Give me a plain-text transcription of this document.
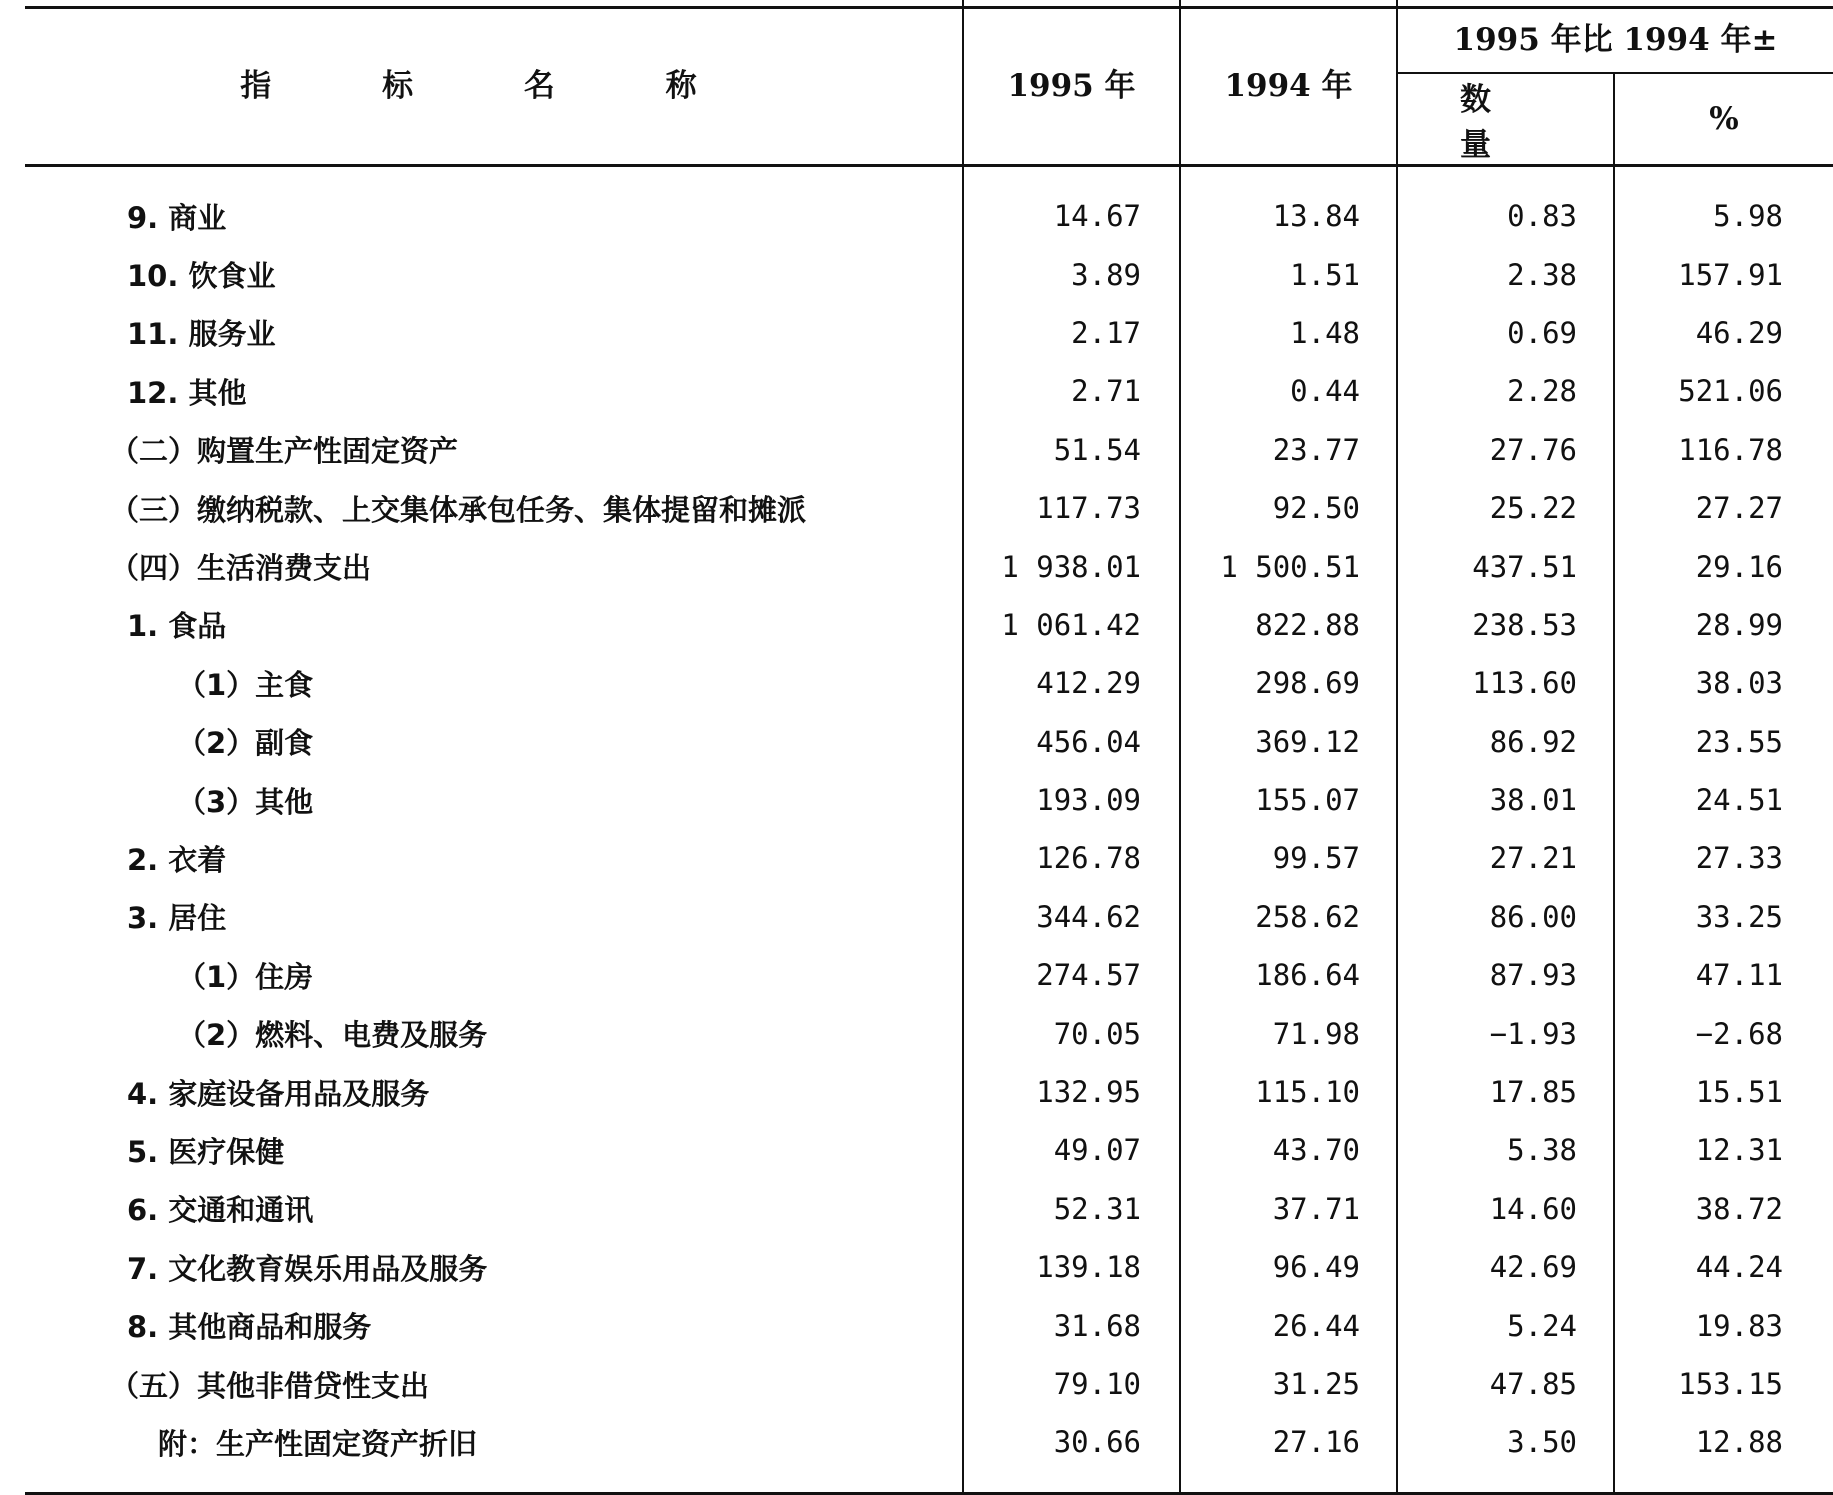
指 标 名 称	1995 年	1994 年	1995 年比 1994 年±	
			数 量	%
9. 商业	14.67	13.84	0.83	5.98
10. 饮食业	3.89	1.51	2.38	157.91
11. 服务业	2.17	1.48	0.69	46.29
12. 其他	2.71	0.44	2.28	521.06
（二）购置生产性固定资产	51.54	23.77	27.76	116.78
（三）缴纳税款、上交集体承包任务、集体提留和摊派	117.73	92.50	25.22	27.27
（四）生活消费支出	1 938.01	1 500.51	437.51	29.16
1. 食品	1 061.42	822.88	238.53	28.99
（1）主食	412.29	298.69	113.60	38.03
（2）副食	456.04	369.12	86.92	23.55
（3）其他	193.09	155.07	38.01	24.51
2. 衣着	126.78	99.57	27.21	27.33
3. 居住	344.62	258.62	86.00	33.25
（1）住房	274.57	186.64	87.93	47.11
（2）燃料、电费及服务	70.05	71.98	−1.93	−2.68
4. 家庭设备用品及服务	132.95	115.10	17.85	15.51
5. 医疗保健	49.07	43.70	5.38	12.31
6. 交通和通讯	52.31	37.71	14.60	38.72
7. 文化教育娱乐用品及服务	139.18	96.49	42.69	44.24
8. 其他商品和服务	31.68	26.44	5.24	19.83
（五）其他非借贷性支出	79.10	31.25	47.85	153.15
附：生产性固定资产折旧	30.66	27.16	3.50	12.88
